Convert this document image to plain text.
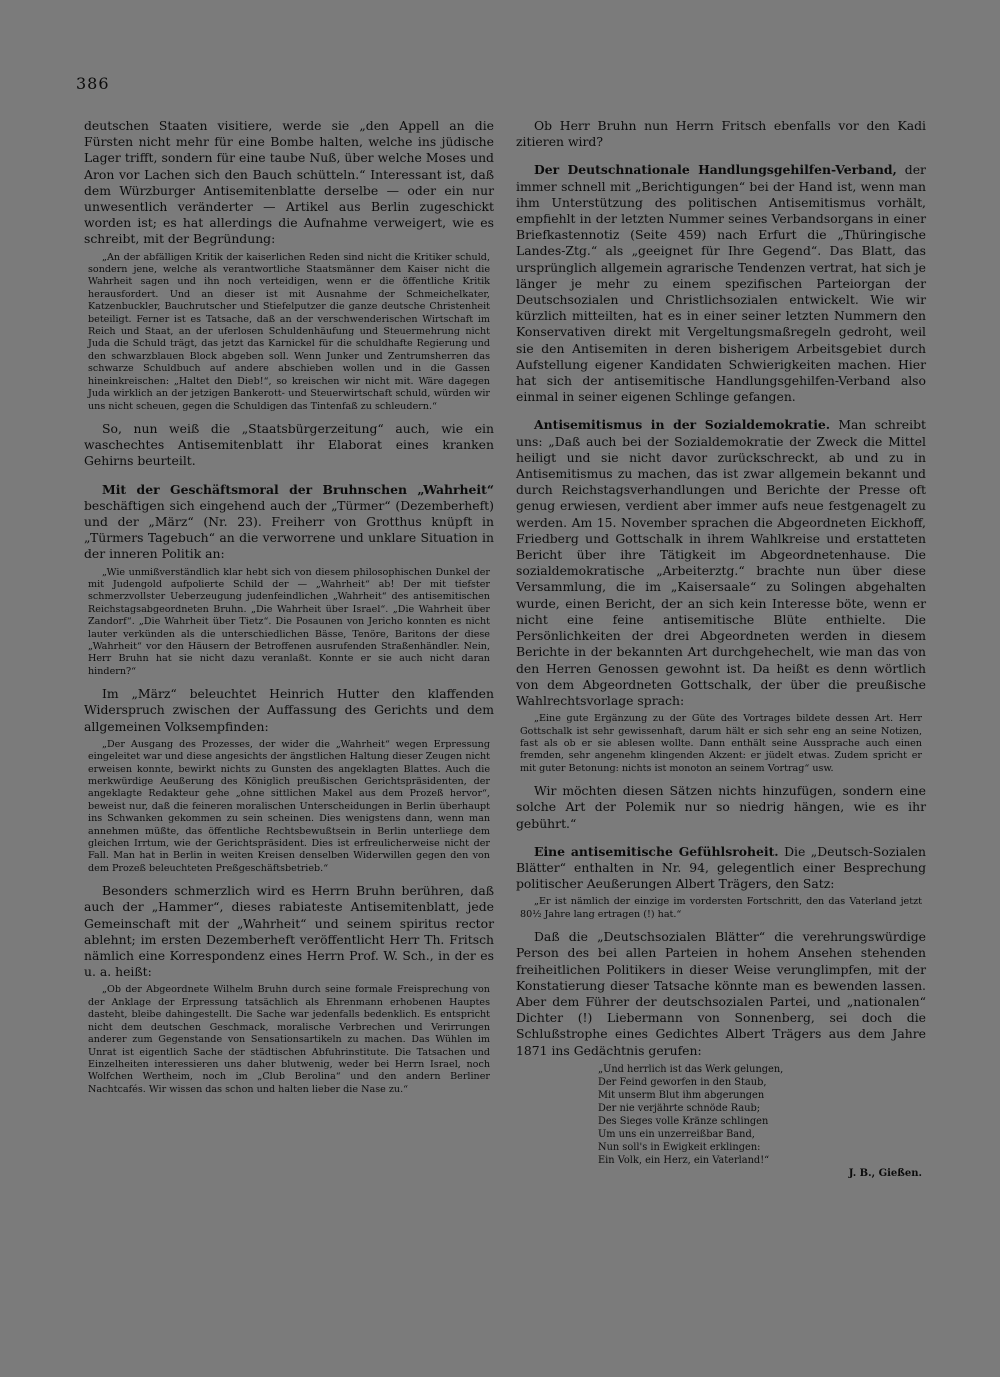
386

deutschen Staaten visitiere, werde sie „den Appell an die Fürsten nicht mehr für eine Bombe halten, welche ins jüdische Lager trifft, sondern für eine taube Nuß, über welche Moses und Aron vor Lachen sich den Bauch schütteln.“ Interessant ist, daß dem Würzburger Antisemitenblatte derselbe — oder ein nur unwesentlich veränderter — Artikel aus Berlin zugeschickt worden ist; es hat allerdings die Aufnahme verweigert, wie es schreibt, mit der Begründung:

„An der abfälligen Kritik der kaiserlichen Reden sind nicht die Kritiker schuld, sondern jene, welche als verantwortliche Staatsmänner dem Kaiser nicht die Wahrheit sagen und ihn noch verteidigen, wenn er die öffentliche Kritik herausfordert. Und an dieser ist mit Ausnahme der Schmeichelkater, Katzenbuckler, Bauchrutscher und Stiefelputzer die ganze deutsche Christenheit beteiligt. Ferner ist es Tatsache, daß an der verschwenderischen Wirtschaft im Reich und Staat, an der uferlosen Schuldenhäufung und Steuermehrung nicht Juda die Schuld trägt, das jetzt das Karnickel für die schuldhafte Regierung und den schwarzblauen Block abgeben soll. Wenn Junker und Zentrumsherren das schwarze Schuldbuch auf andere abschieben wollen und in die Gassen hineinkreischen: „Haltet den Dieb!“, so kreischen wir nicht mit. Wäre dagegen Juda wirklich an der jetzigen Bankerott- und Steuerwirtschaft schuld, würden wir uns nicht scheuen, gegen die Schuldigen das Tintenfaß zu schleudern.“

So, nun weiß die „Staatsbürgerzeitung“ auch, wie ein waschechtes Antisemitenblatt ihr Elaborat eines kranken Gehirns beurteilt.

Mit der Geschäftsmoral der Bruhnschen „Wahrheit“ beschäftigen sich eingehend auch der „Türmer“ (Dezemberheft) und der „März“ (Nr. 23). Freiherr von Grotthus knüpft in „Türmers Tagebuch“ an die verworrene und unklare Situation in der inneren Politik an:

„Wie unmißverständlich klar hebt sich von diesem philosophischen Dunkel der mit Judengold aufpolierte Schild der — „Wahrheit“ ab! Der mit tiefster schmerzvollster Ueberzeugung judenfeindlichen „Wahrheit“ des antisemitischen Reichstagsabgeordneten Bruhn. „Die Wahrheit über Israel“. „Die Wahrheit über Zandorf“. „Die Wahrheit über Tietz“. Die Posaunen von Jericho konnten es nicht lauter verkünden als die unterschiedlichen Bässe, Tenöre, Baritons der diese „Wahrheit“ vor den Häusern der Betroffenen ausrufenden Straßenhändler. Nein, Herr Bruhn hat sie nicht dazu veranlaßt. Konnte er sie auch nicht daran hindern?“

Im „März“ beleuchtet Heinrich Hutter den klaffenden Widerspruch zwischen der Auffassung des Gerichts und dem allgemeinen Volksempfinden:

„Der Ausgang des Prozesses, der wider die „Wahrheit“ wegen Erpressung eingeleitet war und diese angesichts der ängstlichen Haltung dieser Zeugen nicht erweisen konnte, bewirkt nichts zu Gunsten des angeklagten Blattes. Auch die merkwürdige Aeußerung des Königlich preußischen Gerichtspräsidenten, der angeklagte Redakteur gehe „ohne sittlichen Makel aus dem Prozeß hervor“, beweist nur, daß die feineren moralischen Unterscheidungen in Berlin überhaupt ins Schwanken gekommen zu sein scheinen. Dies wenigstens dann, wenn man annehmen müßte, das öffentliche Rechtsbewußtsein in Berlin unterliege dem gleichen Irrtum, wie der Gerichtspräsident. Dies ist erfreulicherweise nicht der Fall. Man hat in Berlin in weiten Kreisen denselben Widerwillen gegen den von dem Prozeß beleuchteten Preßgeschäftsbetrieb.“

Besonders schmerzlich wird es Herrn Bruhn berühren, daß auch der „Hammer“, dieses rabiateste Antisemitenblatt, jede Gemeinschaft mit der „Wahrheit“ und seinem spiritus rector ablehnt; im ersten Dezemberheft veröffentlicht Herr Th. Fritsch nämlich eine Korrespondenz eines Herrn Prof. W. Sch., in der es u. a. heißt:

„Ob der Abgeordnete Wilhelm Bruhn durch seine formale Freisprechung von der Anklage der Erpressung tatsächlich als Ehrenmann erhobenen Hauptes dasteht, bleibe dahingestellt. Die Sache war jedenfalls bedenklich. Es entspricht nicht dem deutschen Geschmack, moralische Verbrechen und Verirrungen anderer zum Gegenstande von Sensationsartikeln zu machen. Das Wühlen im Unrat ist eigentlich Sache der städtischen Abfuhrinstitute. Die Tatsachen und Einzelheiten interessieren uns daher blutwenig, weder bei Herrn Israel, noch Wolfchen Wertheim, noch im „Club Berolina“ und den andern Berliner Nachtcafés. Wir wissen das schon und halten lieber die Nase zu.“

Ob Herr Bruhn nun Herrn Fritsch ebenfalls vor den Kadi zitieren wird?

Der Deutschnationale Handlungsgehilfen-Verband, der immer schnell mit „Berichtigungen“ bei der Hand ist, wenn man ihm Unterstützung des politischen Antisemitismus vorhält, empfiehlt in der letzten Nummer seines Verbandsorgans in einer Briefkastennotiz (Seite 459) nach Erfurt die „Thüringische Landes-Ztg.“ als „geeignet für Ihre Gegend“. Das Blatt, das ursprünglich allgemein agrarische Tendenzen vertrat, hat sich je länger je mehr zu einem spezifischen Parteiorgan der Deutschsozialen und Christlichsozialen entwickelt. Wie wir kürzlich mitteilten, hat es in einer seiner letzten Nummern den Konservativen direkt mit Vergeltungsmaßregeln gedroht, weil sie den Antisemiten in deren bisherigem Arbeitsgebiet durch Aufstellung eigener Kandidaten Schwierigkeiten machen. Hier hat sich der antisemitische Handlungsgehilfen-Verband also einmal in seiner eigenen Schlinge gefangen.

Antisemitismus in der Sozialdemokratie. Man schreibt uns: „Daß auch bei der Sozialdemokratie der Zweck die Mittel heiligt und sie nicht davor zurückschreckt, ab und zu in Antisemitismus zu machen, das ist zwar allgemein bekannt und durch Reichstagsverhandlungen und Berichte der Presse oft genug erwiesen, verdient aber immer aufs neue festgenagelt zu werden. Am 15. November sprachen die Abgeordneten Eickhoff, Friedberg und Gottschalk in ihrem Wahlkreise und erstatteten Bericht über ihre Tätigkeit im Abgeordnetenhause. Die sozialdemokratische „Arbeiterztg.“ brachte nun über diese Versammlung, die im „Kaisersaale“ zu Solingen abgehalten wurde, einen Bericht, der an sich kein Interesse böte, wenn er nicht eine feine antisemitische Blüte enthielte. Die Persönlichkeiten der drei Abgeordneten werden in diesem Berichte in der bekannten Art durchgehechelt, wie man das von den Herren Genossen gewohnt ist. Da heißt es denn wörtlich von dem Abgeordneten Gottschalk, der über die preußische Wahlrechtsvorlage sprach:

„Eine gute Ergänzung zu der Güte des Vortrages bildete dessen Art. Herr Gottschalk ist sehr gewissenhaft, darum hält er sich sehr eng an seine Notizen, fast als ob er sie ablesen wollte. Dann enthält seine Aussprache auch einen fremden, sehr angenehm klingenden Akzent: er jüdelt etwas. Zudem spricht er mit guter Betonung: nichts ist monoton an seinem Vortrag“ usw.

Wir möchten diesen Sätzen nichts hinzufügen, sondern eine solche Art der Polemik nur so niedrig hängen, wie es ihr gebührt.“

Eine antisemitische Gefühlsroheit. Die „Deutsch-Sozialen Blätter“ enthalten in Nr. 94, gelegentlich einer Besprechung politischer Aeußerungen Albert Trägers, den Satz:

„Er ist nämlich der einzige im vordersten Fortschritt, den das Vaterland jetzt 80½ Jahre lang ertragen (!) hat.“

Daß die „Deutschsozialen Blätter“ die verehrungswürdige Person des bei allen Parteien in hohem Ansehen stehenden freiheitlichen Politikers in dieser Weise verunglimpfen, mit der Konstatierung dieser Tatsache könnte man es bewenden lassen. Aber dem Führer der deutschsozialen Partei, und „nationalen“ Dichter (!) Liebermann von Sonnenberg, sei doch die Schlußstrophe eines Gedichtes Albert Trägers aus dem Jahre 1871 ins Gedächtnis gerufen:

„Und herrlich ist das Werk gelungen,
Der Feind geworfen in den Staub,
Mit unserm Blut ihm abgerungen
Der nie verjährte schnöde Raub;
Des Sieges volle Kränze schlingen
Um uns ein unzerreißbar Band,
Nun soll's in Ewigkeit erklingen:
Ein Volk, ein Herz, ein Vaterland!“
J. B., Gießen.
